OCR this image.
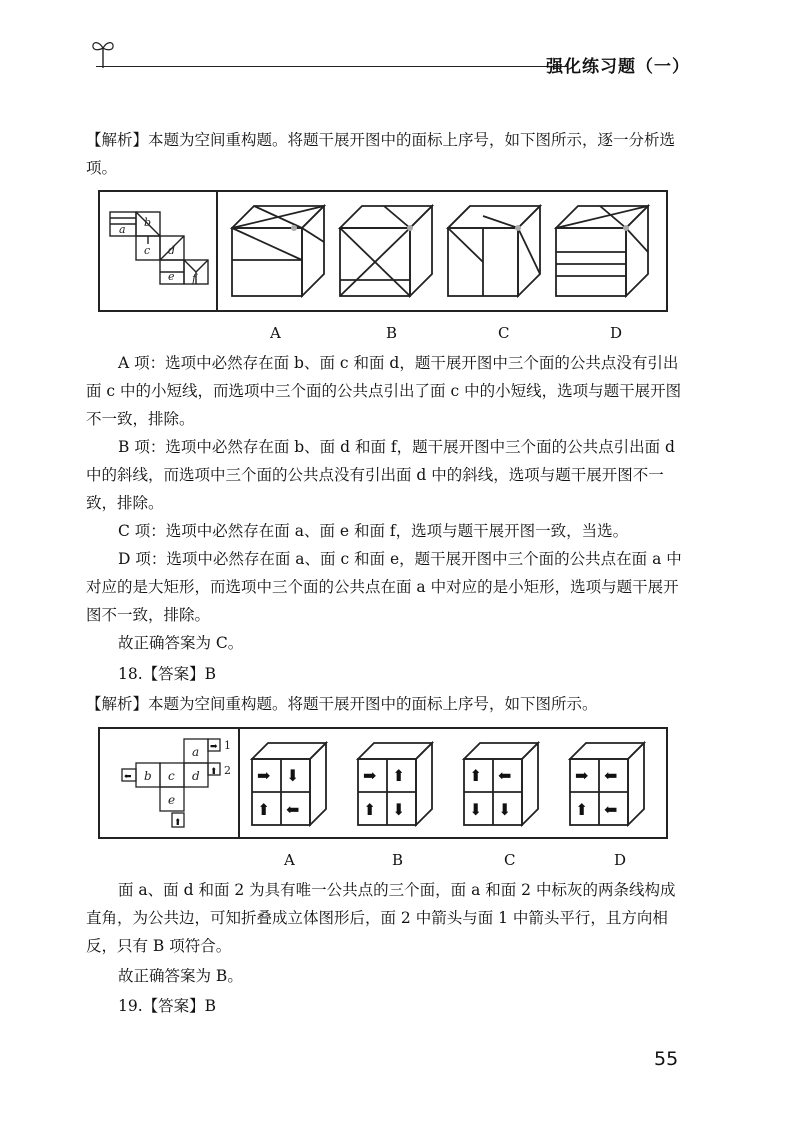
强化练习题（一）

【解析】本题为空间重构题。将题干展开图中的面标上序号，如下图所示，逐一分析选项。

a
b
c d
e f
A	B	C	D

A 项：选项中必然存在面 b、面 c 和面 d，题干展开图中三个面的公共点没有引出面 c 中的小短线，而选项中三个面的公共点引出了面 c 中的小短线，选项与题干展开图不一致，排除。

B 项：选项中必然存在面 b、面 d 和面 f，题干展开图中三个面的公共点引出面 d 中的斜线，而选项中三个面的公共点没有引出面 d 中的斜线，选项与题干展开图不一致，排除。

C 项：选项中必然存在面 a、面 e 和面 f，选项与题干展开图一致，当选。

D 项：选项中必然存在面 a、面 c 和面 e，题干展开图中三个面的公共点在面 a 中对应的是大矩形，而选项中三个面的公共点在面 a 中对应的是小矩形，选项与题干展开图不一致，排除。

故正确答案为 C。

18.【答案】B

【解析】本题为空间重构题。将题干展开图中的面标上序号，如下图所示。

➡
⬆
⬅
⬆
a
b c d
e
1
2 ➡ ⬇
⬆ ⬅
➡ ⬆
⬆ ⬇
⬆ ⬅
⬇ ⬇
➡ ⬅
⬆ ⬅
A	B	C	D

面 a、面 d 和面 2 为具有唯一公共点的三个面，面 a 和面 2 中标灰的两条线构成直角，为公共边，可知折叠成立体图形后，面 2 中箭头与面 1 中箭头平行，且方向相反，只有 B 项符合。

故正确答案为 B。

19.【答案】B

55
